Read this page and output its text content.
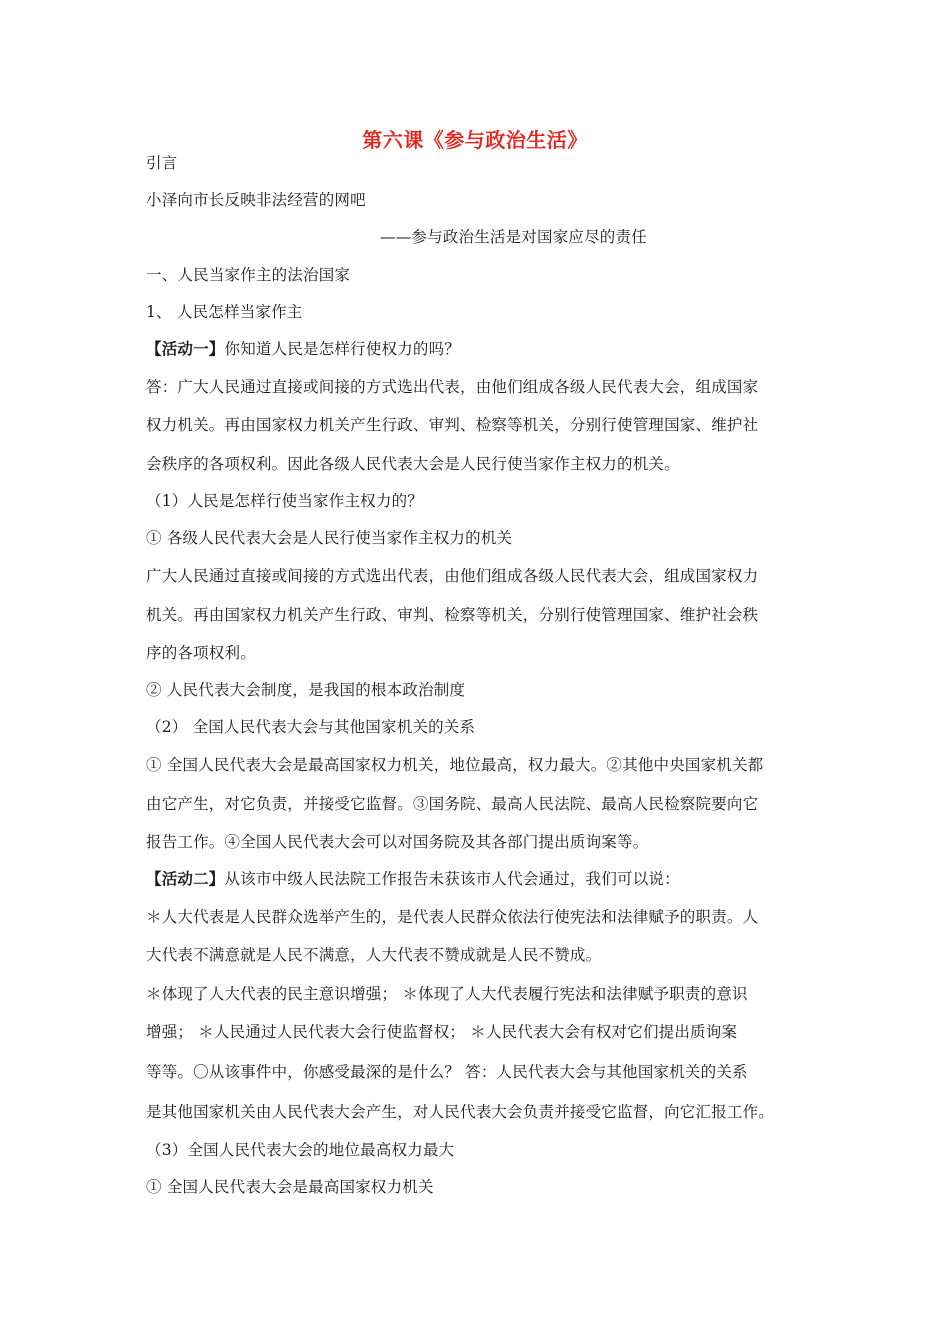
第六课《参与政治生活》
引言
小泽向市长反映非法经营的网吧
——参与政治生活是对国家应尽的责任
一、人民当家作主的法治国家
1、 人民怎样当家作主
【活动一】你知道人民是怎样行使权力的吗？
答：广大人民通过直接或间接的方式选出代表，由他们组成各级人民代表大会，组成国家
权力机关。再由国家权力机关产生行政、审判、检察等机关，分别行使管理国家、维护社
会秩序的各项权利。因此各级人民代表大会是人民行使当家作主权力的机关。
（1）人民是怎样行使当家作主权力的？
① 各级人民代表大会是人民行使当家作主权力的机关
广大人民通过直接或间接的方式选出代表，由他们组成各级人民代表大会，组成国家权力
机关。再由国家权力机关产生行政、审判、检察等机关，分别行使管理国家、维护社会秩
序的各项权利。
② 人民代表大会制度，是我国的根本政治制度
（2） 全国人民代表大会与其他国家机关的关系
① 全国人民代表大会是最高国家权力机关，地位最高，权力最大。②其他中央国家机关都
由它产生，对它负责，并接受它监督。③国务院、最高人民法院、最高人民检察院要向它
报告工作。④全国人民代表大会可以对国务院及其各部门提出质询案等。
【活动二】从该市中级人民法院工作报告未获该市人代会通过，我们可以说：
＊人大代表是人民群众选举产生的，是代表人民群众依法行使宪法和法律赋予的职责。人
大代表不满意就是人民不满意，人大代表不赞成就是人民不赞成。
＊体现了人大代表的民主意识增强； ＊体现了人大代表履行宪法和法律赋予职责的意识
增强； ＊人民通过人民代表大会行使监督权； ＊人民代表大会有权对它们提出质询案
等等。〇从该事件中，你感受最深的是什么？ 答：人民代表大会与其他国家机关的关系
是其他国家机关由人民代表大会产生，对人民代表大会负责并接受它监督，向它汇报工作。
（3）全国人民代表大会的地位最高权力最大
① 全国人民代表大会是最高国家权力机关
